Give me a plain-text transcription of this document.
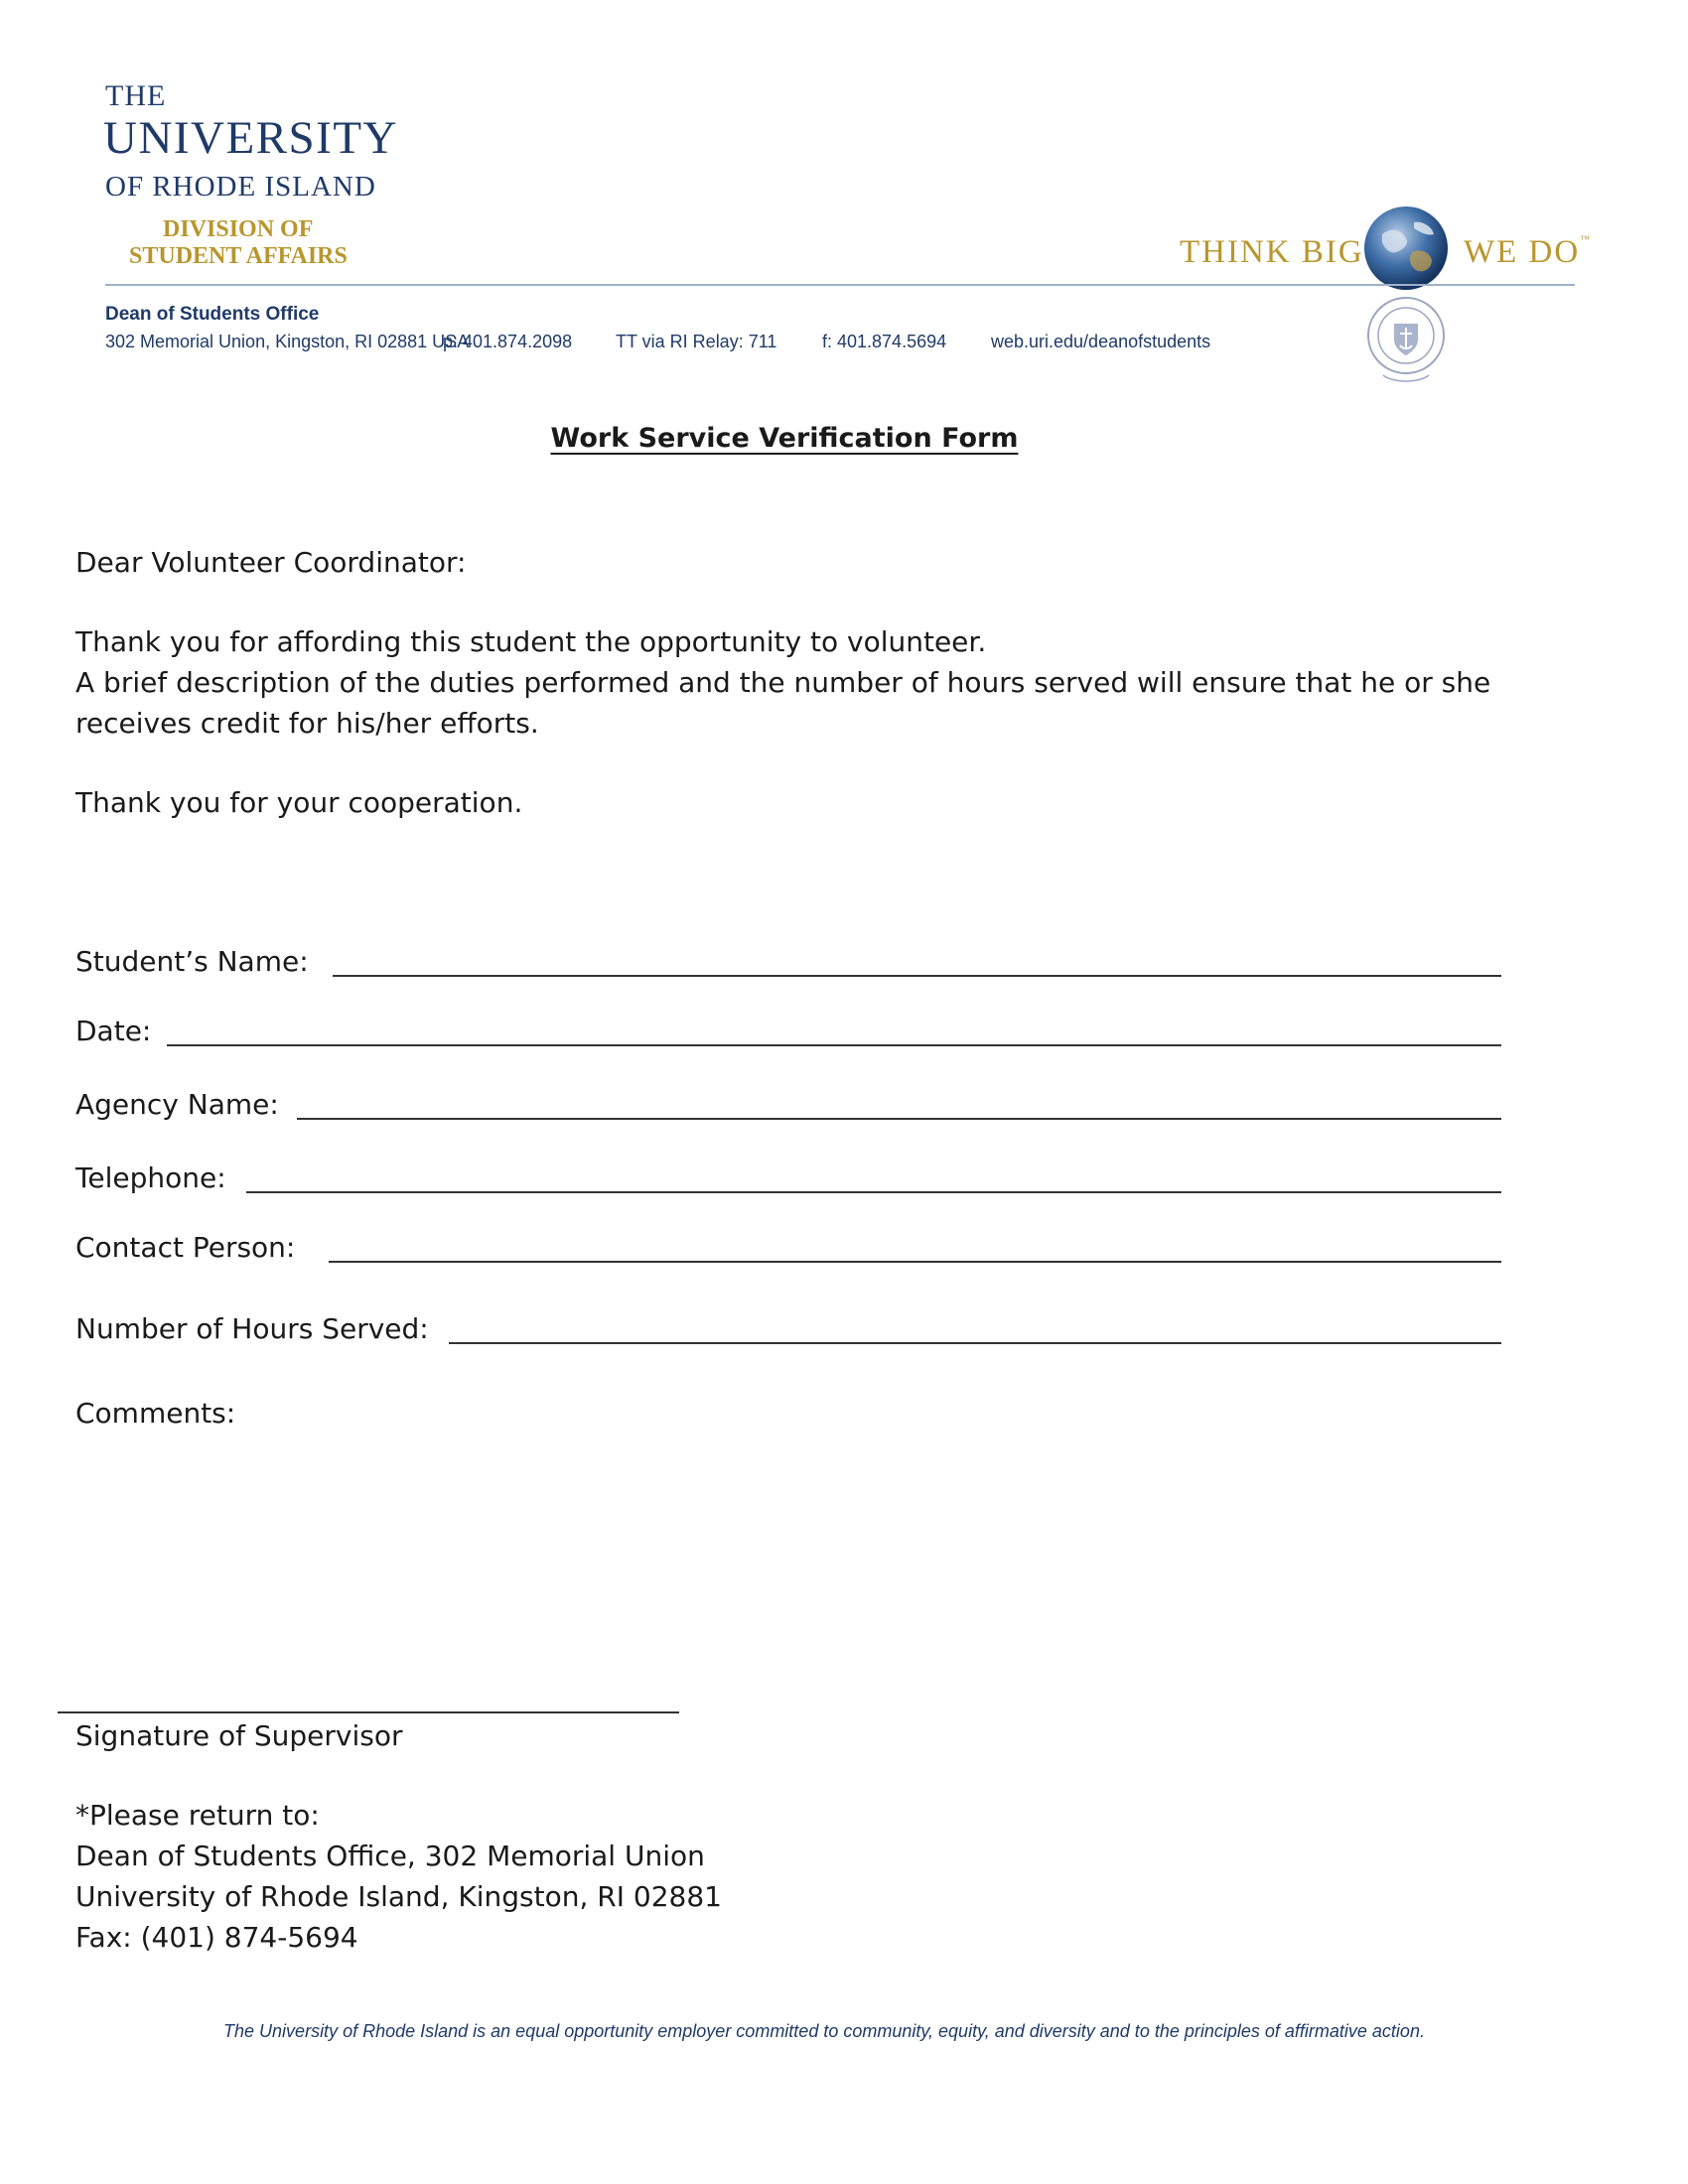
THE
UNIVERSITY
OF RHODE ISLAND
DIVISION OF
STUDENT AFFAIRS	THINK BIG	WE DO™
Dean of Students Office
302 Memorial Union, Kingston, RI 02881 USAp: 401.874.2098 TT via RI Relay: 711	f: 401.874.5694 web.uri.edu/deanofstudents
Work Service Verification Form
Dear Volunteer Coordinator:
Thank you for affording this student the opportunity to volunteer.
A brief description of the duties performed and the number of hours served will ensure that he or she
receives credit for his/her efforts.
Thank you for your cooperation.
Student’s Name:
Date:
Agency Name:
Telephone:
Contact Person:
Number of Hours Served:
Comments:
Signature of Supervisor
*Please return to:
Dean of Students Office, 302 Memorial Union
University of Rhode Island, Kingston, RI 02881
Fax: (401) 874-5694
The University of Rhode Island is an equal opportunity employer committed to community, equity, and diversity and to the principles of affirmative action.
